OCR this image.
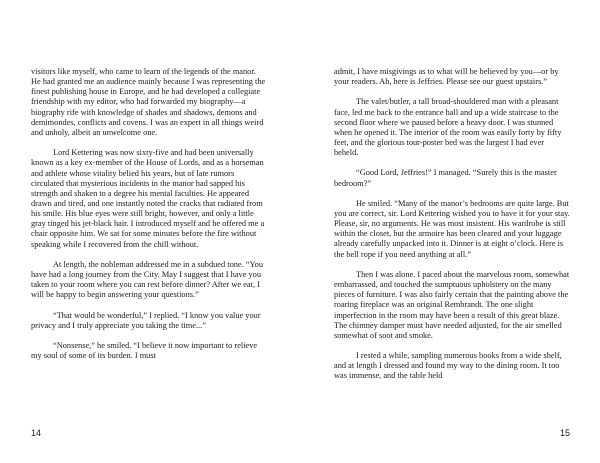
visitors like myself, who came to learn of the legends of the manor. He had granted me an audience mainly because I was representing the finest publishing house in Europe, and he had developed a collegiate friendship with my editor, who had forwarded my biography—a biography rife with knowledge of shades and shadows, demons and demimondes, conflicts and covens. I was an expert in all things weird and unholy, albeit an unwelcome one.

Lord Kettering was now sixty-five and had been universally known as a key ex-member of the House of Lords, and as a horseman and athlete whose vitality belied his years, but of late rumors circulated that mysterious incidents in the manor had sapped his strength and shaken to a degree his mental faculties. He appeared drawn and tired, and one instantly noted the cracks that radiated from his smile. His blue eyes were still bright, however, and only a little gray tinged his jet-black hair. I introduced myself and he offered me a chair opposite him. We sat for some minutes before the fire without speaking while I recovered from the chill without.

At length, the nobleman addressed me in a subdued tone. “You have had a long journey from the City. May I suggest that I have you taken to your room where you can rest before dinner? After we eat, I will be happy to begin answering your questions.”

“That would be wonderful,” I replied. “I know you value your privacy and I truly appreciate you taking the time...”

“Nonsense,” he smiled. “I believe it now important to relieve my soul of some of its burden. I must

14

admit, I have misgivings as to what will be believed by you—or by your readers. Ah, here is Jeffries. Please see our guest upstairs.”

The valet/butler, a tall broad-shouldered man with a pleasant face, led me back to the entrance hall and up a wide staircase to the second floor where we paused before a heavy door. I was stunned when he opened it. The interior of the room was easily forty by fifty feet, and the glorious tour-poster bed was the largest I had ever beheld.

“Good Lord, Jeffries!” I managed. “Surely this is the master bedroom?”

He smiled. “Many of the manor’s bedrooms are quite large. But you are correct, sir. Lord Kettering wished you to have it for your stay. Please, sir, no arguments. He was most insistent. His wardrobe is still within the closet, but the armoire has been cleared and your luggage already carefully unpacked into it. Dinner is at eight o’clock. Here is the bell rope if you need anything at all.”

Then I was alone. I paced about the marvelous room, somewhat embarrassed, and touched the sumptuous upholstery on the many pieces of furniture. I was also fairly certain that the painting above the roaring fireplace was an original Rembrandt. The one slight imperfection in the room may have been a result of this great blaze. The chimney damper must have needed adjusted, for the air smelled somewhat of soot and smoke.

I rested a while, sampling numerous books from a wide shelf, and at length I dressed and found my way to the dining room. It too was immense, and the table held

15
